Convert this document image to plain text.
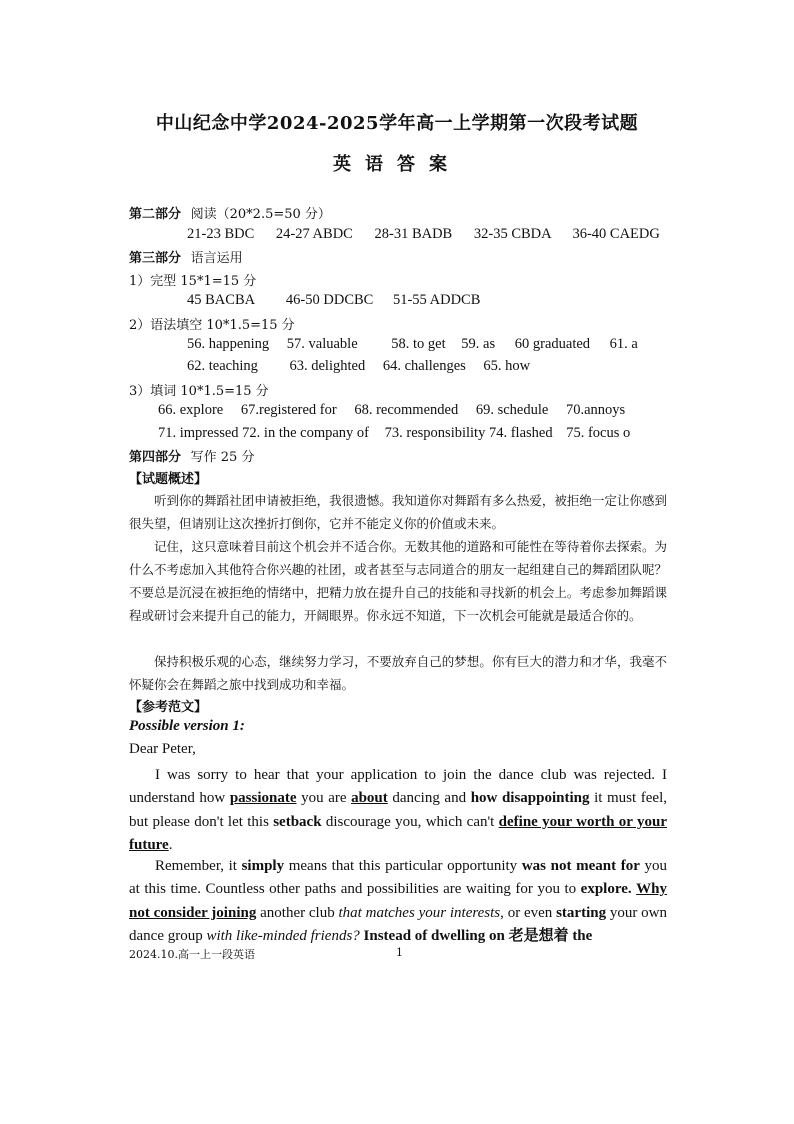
中山纪念中学2024-2025学年高一上学期第一次段考试题
英语答案
第二部分 阅读（20*2.5=50 分）
21-23 BDC 24-27 ABDC 28-31 BADB 32-35 CBDA 36-40 CAEDG
第三部分 语言运用
1）完型 15*1=15 分
45 BACBA 46-50 DDCBC 51-55 ADDCB
2）语法填空 10*1.5=15 分
56. happening 57. valuable 58. to get 59. as 60 graduated 61. a
62. teaching 63. delighted 64. challenges 65. how
3）填词 10*1.5=15 分
66. explore 67.registered for 68. recommended 69. schedule 70.annoys
71. impressed 72. in the company of 73. responsibility 74. flashed 75. focus o
第四部分 写作 25 分
【试题概述】
听到你的舞蹈社团申请被拒绝，我很遗憾。我知道你对舞蹈有多么热爱，被拒绝一定让你感到很失望，但请别让这次挫折打倒你，它并不能定义你的价值或未来。
记住，这只意味着目前这个机会并不适合你。无数其他的道路和可能性在等待着你去探索。为什么不考虑加入其他符合你兴趣的社团，或者甚至与志同道合的朋友一起组建自己的舞蹈团队呢？不要总是沉浸在被拒绝的情绪中，把精力放在提升自己的技能和寻找新的机会上。考虑参加舞蹈课程或研讨会来提升自己的能力，开阔眼界。你永远不知道，下一次机会可能就是最适合你的。
保持积极乐观的心态，继续努力学习，不要放弃自己的梦想。你有巨大的潜力和才华，我毫不怀疑你会在舞蹈之旅中找到成功和幸福。
【参考范文】
Possible version 1:
Dear Peter,
I was sorry to hear that your application to join the dance club was rejected. I understand how passionate you are about dancing and how disappointing it must feel, but please don't let this setback discourage you, which can't define your worth or your future.
Remember, it simply means that this particular opportunity was not meant for you at this time. Countless other paths and possibilities are waiting for you to explore. Why not consider joining another club that matches your interests, or even starting your own dance group with like-minded friends? Instead of dwelling on 老是想着 the
2024.10.高一上一段英语	1
